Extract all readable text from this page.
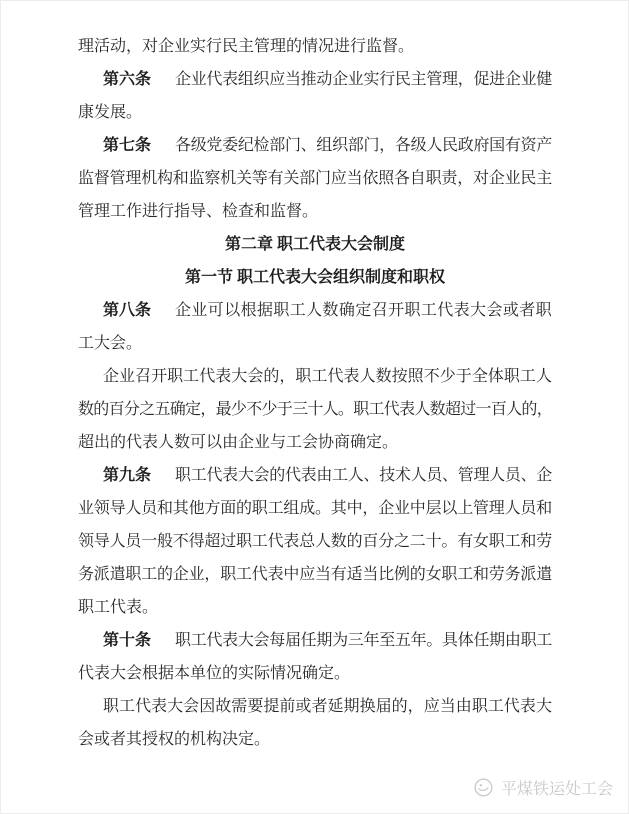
理活动，对企业实行民主管理的情况进行监督。
第六条 企业代表组织应当推动企业实行民主管理，促进企业健
康发展。
第七条 各级党委纪检部门、组织部门，各级人民政府国有资产
监督管理机构和监察机关等有关部门应当依照各自职责，对企业民主
管理工作进行指导、检查和监督。
第二章 职工代表大会制度
第一节 职工代表大会组织制度和职权
第八条 企业可以根据职工人数确定召开职工代表大会或者职
工大会。
企业召开职工代表大会的，职工代表人数按照不少于全体职工人
数的百分之五确定，最少不少于三十人。职工代表人数超过一百人的，
超出的代表人数可以由企业与工会协商确定。
第九条 职工代表大会的代表由工人、技术人员、管理人员、企
业领导人员和其他方面的职工组成。其中，企业中层以上管理人员和
领导人员一般不得超过职工代表总人数的百分之二十。有女职工和劳
务派遣职工的企业，职工代表中应当有适当比例的女职工和劳务派遣
职工代表。
第十条 职工代表大会每届任期为三年至五年。具体任期由职工
代表大会根据本单位的实际情况确定。
职工代表大会因故需要提前或者延期换届的，应当由职工代表大
会或者其授权的机构决定。
平煤铁运处工会
